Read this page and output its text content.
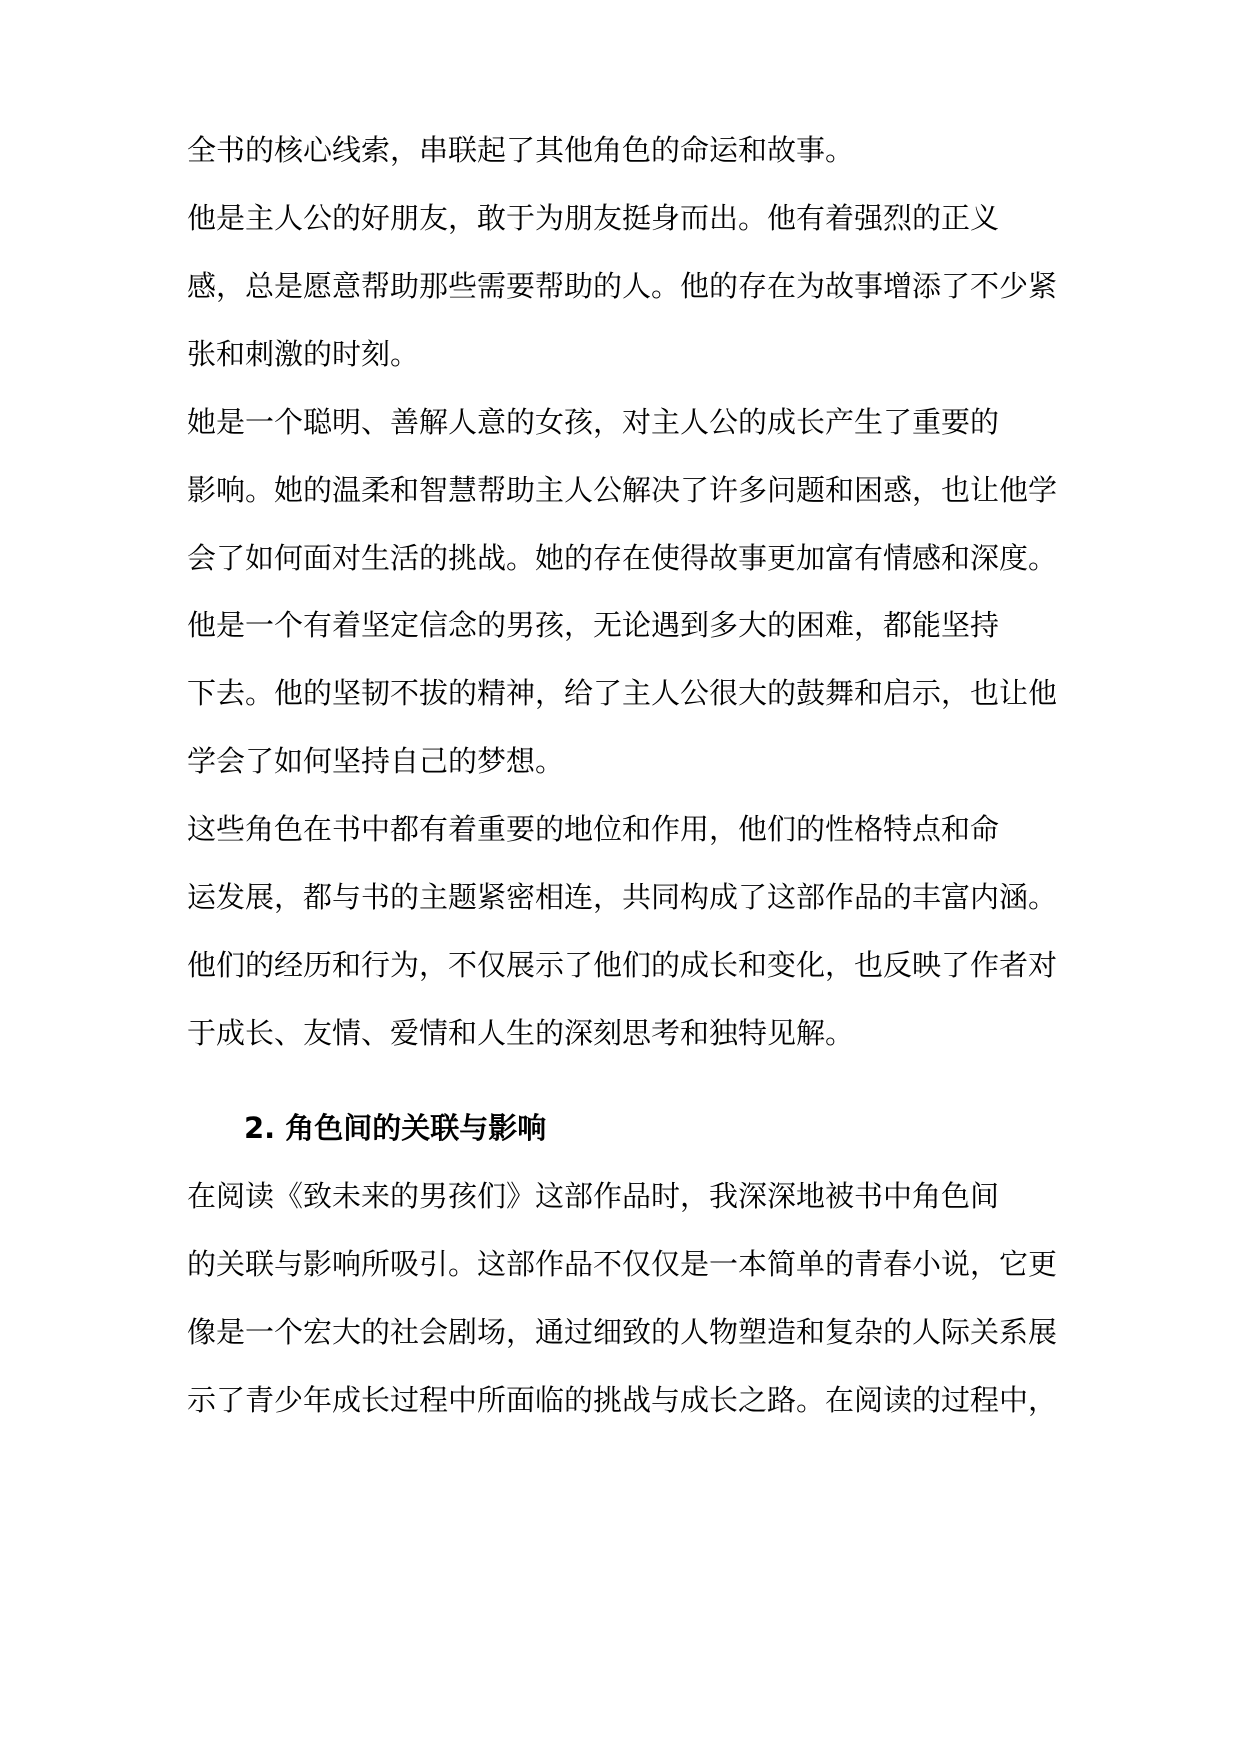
全书的核心线索，串联起了其他角色的命运和故事。

他是主人公的好朋友，敢于为朋友挺身而出。他有着强烈的正义

感，总是愿意帮助那些需要帮助的人。他的存在为故事增添了不少紧

张和刺激的时刻。

她是一个聪明、善解人意的女孩，对主人公的成长产生了重要的

影响。她的温柔和智慧帮助主人公解决了许多问题和困惑，也让他学

会了如何面对生活的挑战。她的存在使得故事更加富有情感和深度。

他是一个有着坚定信念的男孩，无论遇到多大的困难，都能坚持

下去。他的坚韧不拔的精神，给了主人公很大的鼓舞和启示，也让他

学会了如何坚持自己的梦想。

这些角色在书中都有着重要的地位和作用，他们的性格特点和命

运发展，都与书的主题紧密相连，共同构成了这部作品的丰富内涵。

他们的经历和行为，不仅展示了他们的成长和变化，也反映了作者对

于成长、友情、爱情和人生的深刻思考和独特见解。

2. 角色间的关联与影响

在阅读《致未来的男孩们》这部作品时，我深深地被书中角色间

的关联与影响所吸引。这部作品不仅仅是一本简单的青春小说，它更

像是一个宏大的社会剧场，通过细致的人物塑造和复杂的人际关系展

示了青少年成长过程中所面临的挑战与成长之路。在阅读的过程中，
